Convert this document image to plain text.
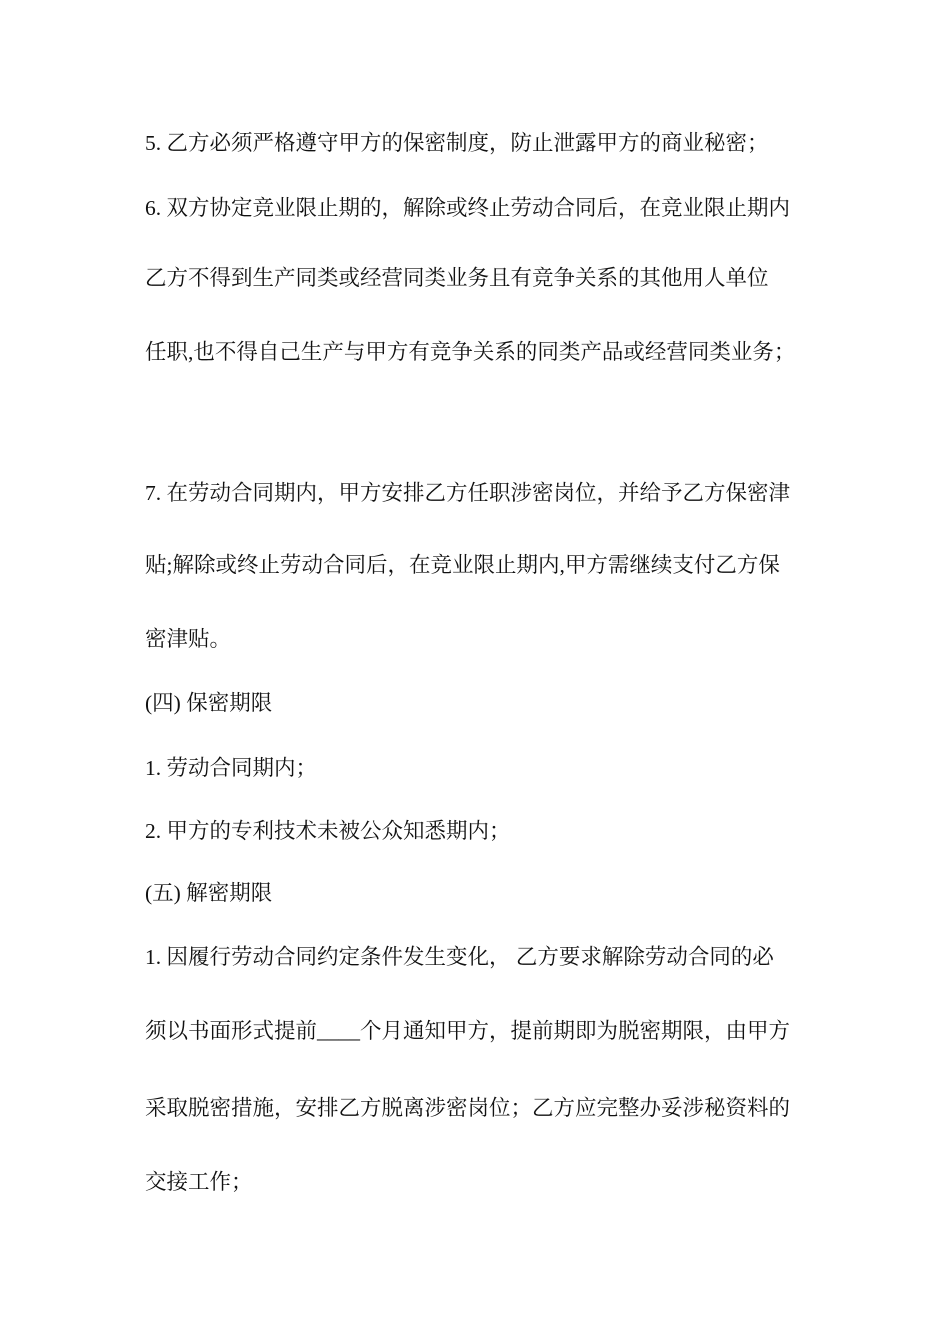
5. 乙方必须严格遵守甲方的保密制度，防止泄露甲方的商业秘密；
6. 双方协定竞业限止期的，解除或终止劳动合同后，在竞业限止期内
乙方不得到生产同类或经营同类业务且有竞争关系的其他用人单位
任职,也不得自己生产与甲方有竞争关系的同类产品或经营同类业务；
7. 在劳动合同期内，甲方安排乙方任职涉密岗位，并给予乙方保密津
贴;解除或终止劳动合同后，在竞业限止期内,甲方需继续支付乙方保
密津贴。
(四) 保密期限
1. 劳动合同期内；
2. 甲方的专利技术未被公众知悉期内；
(五) 解密期限
1. 因履行劳动合同约定条件发生变化， 乙方要求解除劳动合同的必
须以书面形式提前____个月通知甲方，提前期即为脱密期限，由甲方
采取脱密措施，安排乙方脱离涉密岗位；乙方应完整办妥涉秘资料的
交接工作；
